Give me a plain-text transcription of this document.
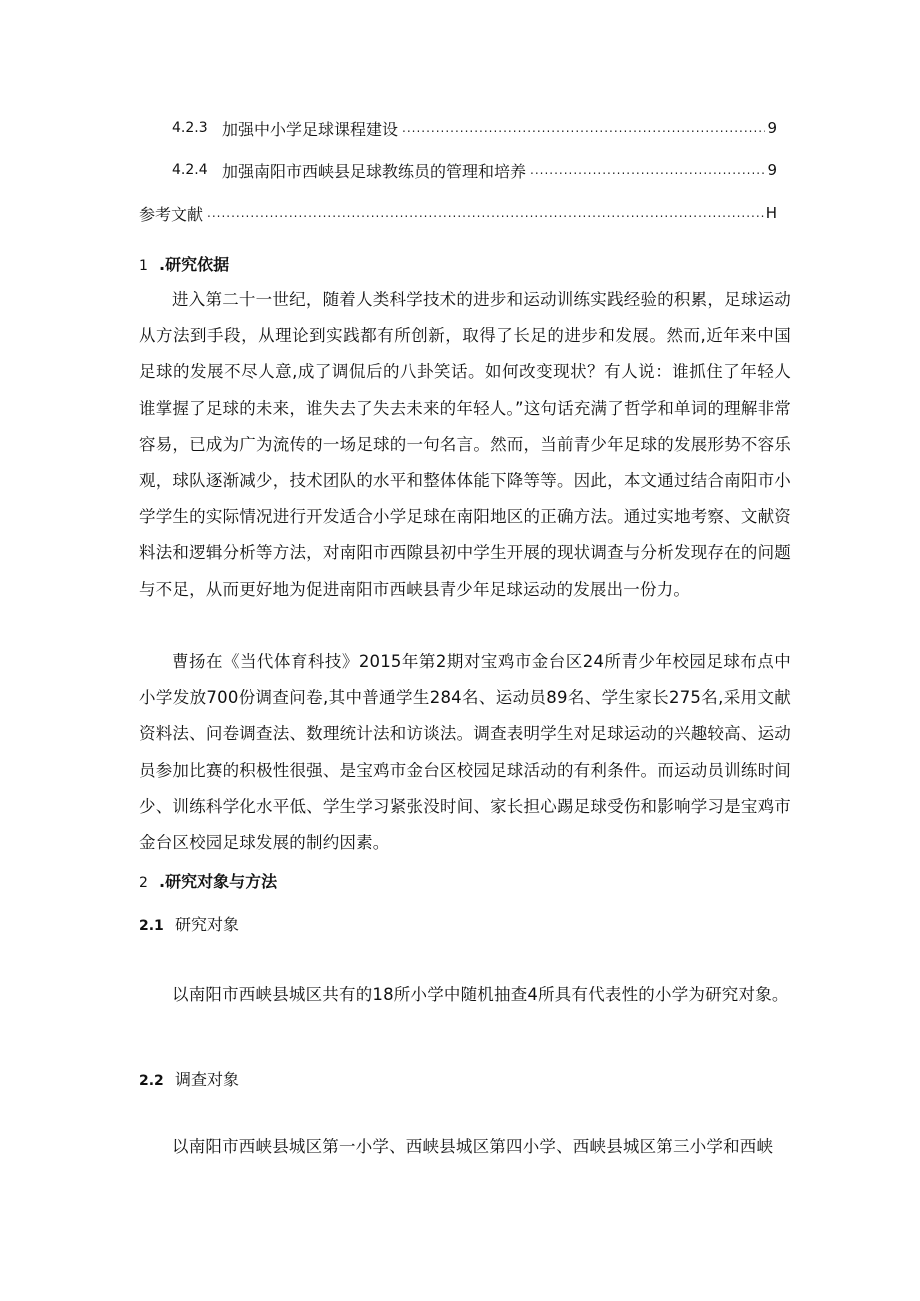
4.2.3 加强中小学足球课程建设 .....	9
4.2.4 加强南阳市西峡县足球教练员的管理和培养 .....	9
参考文献 .....	H
1 .研究依据

进入第二十一世纪，随着人类科学技术的进步和运动训练实践经验的积累，足球运动从方法到手段，从理论到实践都有所创新，取得了长足的进步和发展。然而,近年来中国足球的发展不尽人意,成了调侃后的八卦笑话。如何改变现状？有人说：谁抓住了年轻人谁掌握了足球的未来，谁失去了失去未来的年轻人。”这句话充满了哲学和单词的理解非常容易，已成为广为流传的一场足球的一句名言。然而，当前青少年足球的发展形势不容乐观，球队逐渐减少，技术团队的水平和整体体能下降等等。因此，本文通过结合南阳市小学学生的实际情况进行开发适合小学足球在南阳地区的正确方法。通过实地考察、文献资料法和逻辑分析等方法，对南阳市西隙县初中学生开展的现状调查与分析发现存在的问题与不足，从而更好地为促进南阳市西峡县青少年足球运动的发展出一份力。

曹扬在《当代体育科技》2015年第2期对宝鸡市金台区24所青少年校园足球布点中小学发放700份调查问卷,其中普通学生284名、运动员89名、学生家长275名,采用文献资料法、问卷调查法、数理统计法和访谈法。调查表明学生对足球运动的兴趣较高、运动员参加比赛的积极性很强、是宝鸡市金台区校园足球活动的有利条件。而运动员训练时间少、训练科学化水平低、学生学习紧张没时间、家长担心踢足球受伤和影响学习是宝鸡市金台区校园足球发展的制约因素。

2 .研究对象与方法
2.1 研究对象

以南阳市西峡县城区共有的18所小学中随机抽查4所具有代表性的小学为研究对象。

2.2 调查对象

以南阳市西峡县城区第一小学、西峡县城区第四小学、西峡县城区第三小学和西峡
